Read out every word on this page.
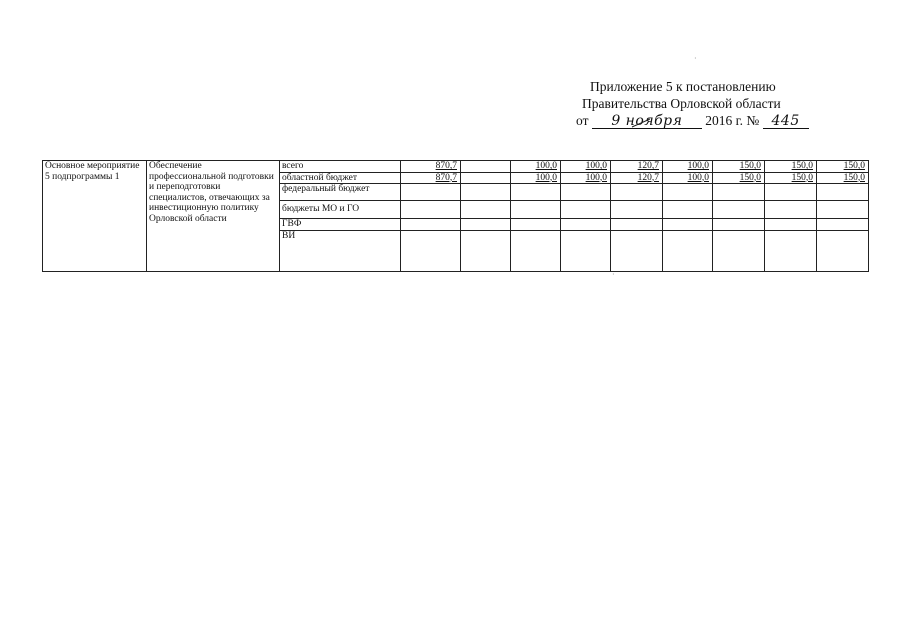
Приложение 5 к постановлению
Правительства Орловской области
от 9 ноября 2016 г. № 445
Основное мероприятие 5 подпрограммы 1	Обеспечение профессиональной подготовки и переподготовки специалистов, отвечающих за инвестиционную политику Орловской области	всего	870,7		100,0	100,0	120,7	100,0	150,0	150,0	150,0
		областной бюджет	870,7		100,0	100,0	120,7	100,0	150,0	150,0	150,0
		федеральный бюджет									
		бюджеты МО и ГО									
		ГВФ									
		ВИ									
·
·
